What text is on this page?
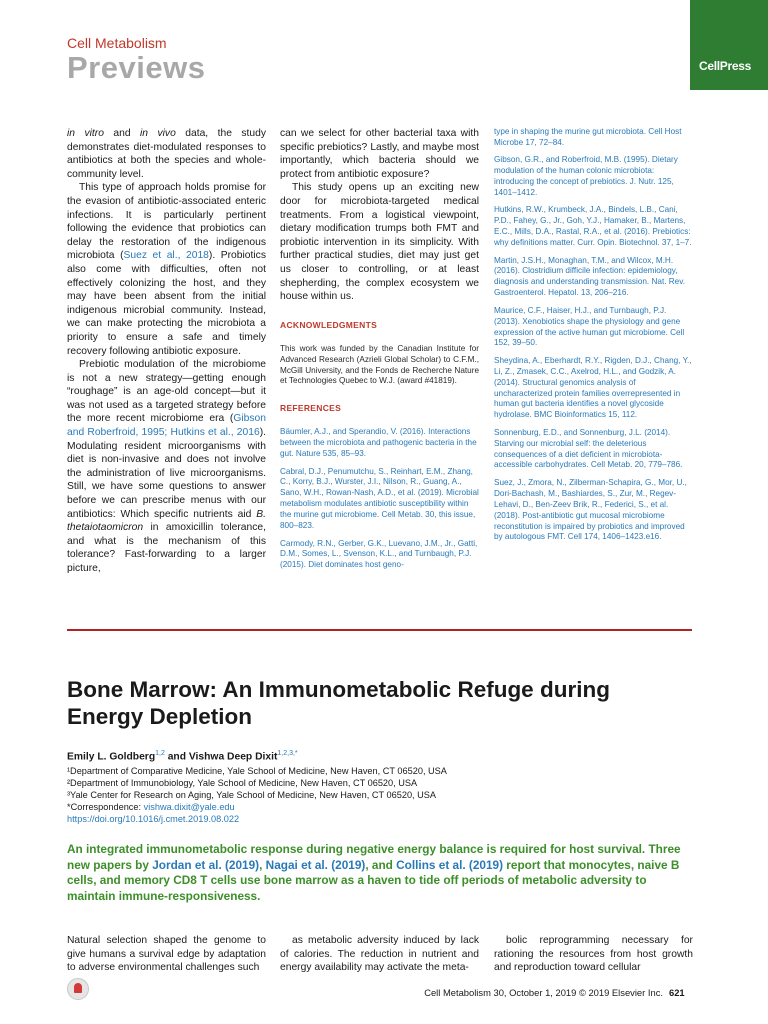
Cell Metabolism
Previews	CellPress

in vitro and in vivo data, the study demonstrates diet-modulated responses to antibiotics at both the species and whole-community level.

This type of approach holds promise for the evasion of antibiotic-associated enteric infections. It is particularly pertinent following the evidence that probiotics can delay the restoration of the indigenous microbiota (Suez et al., 2018). Probiotics also come with difficulties, often not effectively colonizing the host, and they may have been absent from the initial indigenous microbial community. Instead, we can make protecting the microbiota a priority to ensure a safe and timely recovery following antibiotic exposure.

Prebiotic modulation of the microbiome is not a new strategy—getting enough “roughage” is an age-old concept—but it was not used as a targeted strategy before the more recent microbiome era (Gibson and Roberfroid, 1995; Hutkins et al., 2016). Modulating resident microorganisms with diet is non-invasive and does not involve the administration of live microorganisms. Still, we have some questions to answer before we can prescribe menus with our antibiotics: Which specific nutrients aid B. thetaiotaomicron in amoxicillin tolerance, and what is the mechanism of this tolerance? Fast-forwarding to a larger picture,

can we select for other bacterial taxa with specific prebiotics? Lastly, and maybe most importantly, which bacteria should we protect from antibiotic exposure?

This study opens up an exciting new door for microbiota-targeted medical treatments. From a logistical viewpoint, dietary modification trumps both FMT and probiotic intervention in its simplicity. With further practical studies, diet may just get us closer to controlling, or at least shepherding, the complex ecosystem we house within us.

ACKNOWLEDGMENTS

This work was funded by the Canadian Institute for Advanced Research (Azrieli Global Scholar) to C.F.M., McGill University, and the Fonds de Recherche Nature et Technologies Quebec to W.J. (award #41819).

REFERENCES

Bäumler, A.J., and Sperandio, V. (2016). Interactions between the microbiota and pathogenic bacteria in the gut. Nature 535, 85–93.

Cabral, D.J., Penumutchu, S., Reinhart, E.M., Zhang, C., Korry, B.J., Wurster, J.I., Nilson, R., Guang, A., Sano, W.H., Rowan-Nash, A.D., et al. (2019). Microbial metabolism modulates antibiotic susceptibility within the murine gut microbiome. Cell Metab. 30, this issue, 800–823.

Carmody, R.N., Gerber, G.K., Luevano, J.M., Jr., Gatti, D.M., Somes, L., Svenson, K.L., and Turnbaugh, P.J. (2015). Diet dominates host geno-

type in shaping the murine gut microbiota. Cell Host Microbe 17, 72–84.

Gibson, G.R., and Roberfroid, M.B. (1995). Dietary modulation of the human colonic microbiota: introducing the concept of prebiotics. J. Nutr. 125, 1401–1412.

Hutkins, R.W., Krumbeck, J.A., Bindels, L.B., Cani, P.D., Fahey, G., Jr., Goh, Y.J., Hamaker, B., Martens, E.C., Mills, D.A., Rastal, R.A., et al. (2016). Prebiotics: why definitions matter. Curr. Opin. Biotechnol. 37, 1–7.

Martin, J.S.H., Monaghan, T.M., and Wilcox, M.H. (2016). Clostridium difficile infection: epidemiology, diagnosis and understanding transmission. Nat. Rev. Gastroenterol. Hepatol. 13, 206–216.

Maurice, C.F., Haiser, H.J., and Turnbaugh, P.J. (2013). Xenobiotics shape the physiology and gene expression of the active human gut microbiome. Cell 152, 39–50.

Sheydina, A., Eberhardt, R.Y., Rigden, D.J., Chang, Y., Li, Z., Zmasek, C.C., Axelrod, H.L., and Godzik, A. (2014). Structural genomics analysis of uncharacterized protein families overrepresented in human gut bacteria identifies a novel glycoside hydrolase. BMC Bioinformatics 15, 112.

Sonnenburg, E.D., and Sonnenburg, J.L. (2014). Starving our microbial self: the deleterious consequences of a diet deficient in microbiota-accessible carbohydrates. Cell Metab. 20, 779–786.

Suez, J., Zmora, N., Zilberman-Schapira, G., Mor, U., Dori-Bachash, M., Bashiardes, S., Zur, M., Regev-Lehavi, D., Ben-Zeev Brik, R., Federici, S., et al. (2018). Post-antibiotic gut mucosal microbiome reconstitution is impaired by probiotics and improved by autologous FMT. Cell 174, 1406–1423.e16.

Bone Marrow: An Immunometabolic Refuge during Energy Depletion
Emily L. Goldberg$^{1,2}$ and Vishwa Deep Dixit$^{1,2,3,*}$
¹Department of Comparative Medicine, Yale School of Medicine, New Haven, CT 06520, USA
²Department of Immunobiology, Yale School of Medicine, New Haven, CT 06520, USA
³Yale Center for Research on Aging, Yale School of Medicine, New Haven, CT 06520, USA
*Correspondence: vishwa.dixit@yale.edu
https://doi.org/10.1016/j.cmet.2019.08.022

An integrated immunometabolic response during negative energy balance is required for host survival. Three new papers by Jordan et al. (2019), Nagai et al. (2019), and Collins et al. (2019) report that monocytes, naive B cells, and memory CD8 T cells use bone marrow as a haven to tide off periods of metabolic adversity to maintain immune-responsiveness.

Natural selection shaped the genome to give humans a survival edge by adaptation to adverse environmental challenges such

as metabolic adversity induced by lack of calories. The reduction in nutrient and energy availability may activate the meta-

bolic reprogramming necessary for rationing the resources from host growth and reproduction toward cellular

Cell Metabolism 30, October 1, 2019 © 2019 Elsevier Inc. 621
